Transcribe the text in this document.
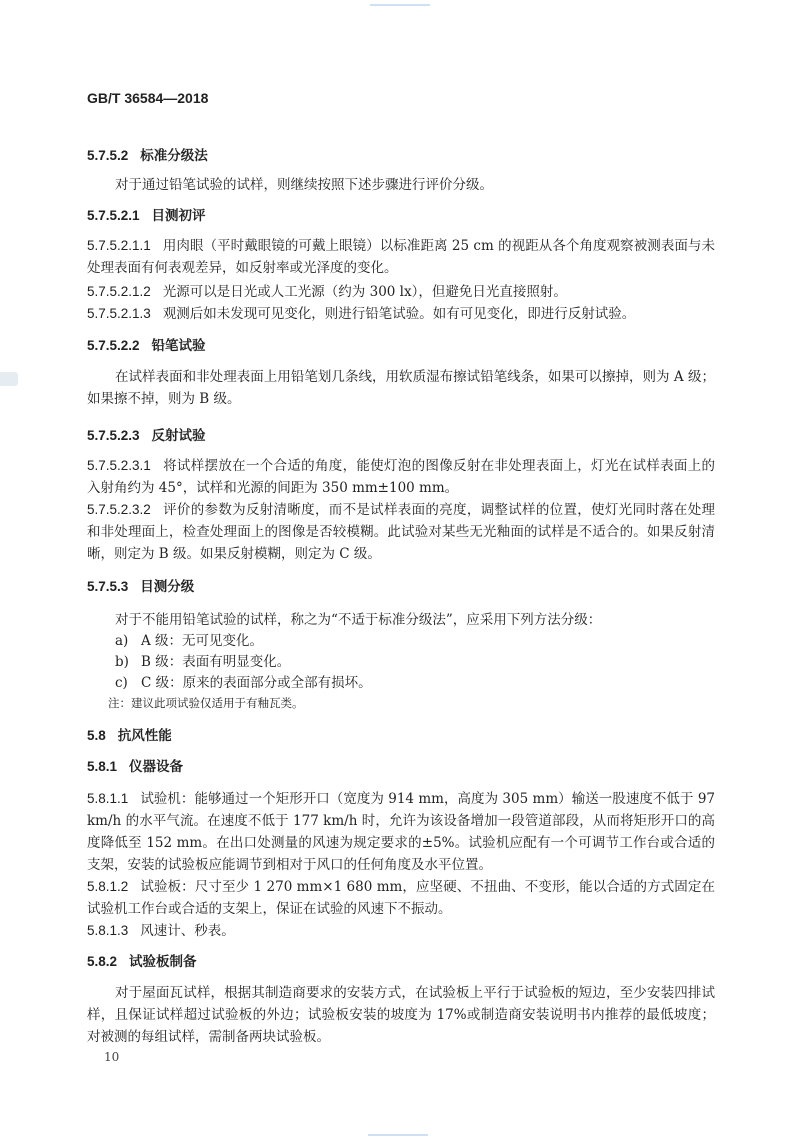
GB/T 36584—2018
5.7.5.2 标准分级法
对于通过铅笔试验的试样，则继续按照下述步骤进行评价分级。
5.7.5.2.1 目测初评
5.7.5.2.1.1 用肉眼（平时戴眼镜的可戴上眼镜）以标准距离 25 cm 的视距从各个角度观察被测表面与未处理表面有何表观差异，如反射率或光泽度的变化。
5.7.5.2.1.2 光源可以是日光或人工光源（约为 300 lx），但避免日光直接照射。
5.7.5.2.1.3 观测后如未发现可见变化，则进行铅笔试验。如有可见变化，即进行反射试验。
5.7.5.2.2 铅笔试验
在试样表面和非处理表面上用铅笔划几条线，用软质湿布擦试铅笔线条，如果可以擦掉，则为 A 级；如果擦不掉，则为 B 级。
5.7.5.2.3 反射试验
5.7.5.2.3.1 将试样摆放在一个合适的角度，能使灯泡的图像反射在非处理表面上，灯光在试样表面上的入射角约为 45°，试样和光源的间距为 350 mm±100 mm。
5.7.5.2.3.2 评价的参数为反射清晰度，而不是试样表面的亮度，调整试样的位置，使灯光同时落在处理和非处理面上，检查处理面上的图像是否较模糊。此试验对某些无光釉面的试样是不适合的。如果反射清晰，则定为 B 级。如果反射模糊，则定为 C 级。
5.7.5.3 目测分级
对于不能用铅笔试验的试样，称之为“不适于标准分级法”，应采用下列方法分级：
a) A 级：无可见变化。
b) B 级：表面有明显变化。
c) C 级：原来的表面部分或全部有损坏。
注：建议此项试验仅适用于有釉瓦类。
5.8 抗风性能
5.8.1 仪器设备
5.8.1.1 试验机：能够通过一个矩形开口（宽度为 914 mm，高度为 305 mm）输送一股速度不低于 97 km/h 的水平气流。在速度不低于 177 km/h 时，允许为该设备增加一段管道部段，从而将矩形开口的高度降低至 152 mm。在出口处测量的风速为规定要求的±5%。试验机应配有一个可调节工作台或合适的支架，安装的试验板应能调节到相对于风口的任何角度及水平位置。
5.8.1.2 试验板：尺寸至少 1 270 mm×1 680 mm，应坚硬、不扭曲、不变形，能以合适的方式固定在试验机工作台或合适的支架上，保证在试验的风速下不振动。
5.8.1.3 风速计、秒表。
5.8.2 试验板制备
对于屋面瓦试样，根据其制造商要求的安装方式，在试验板上平行于试验板的短边，至少安装四排试样，且保证试样超过试验板的外边；试验板安装的坡度为 17%或制造商安装说明书内推荐的最低坡度；对被测的每组试样，需制备两块试验板。
10
